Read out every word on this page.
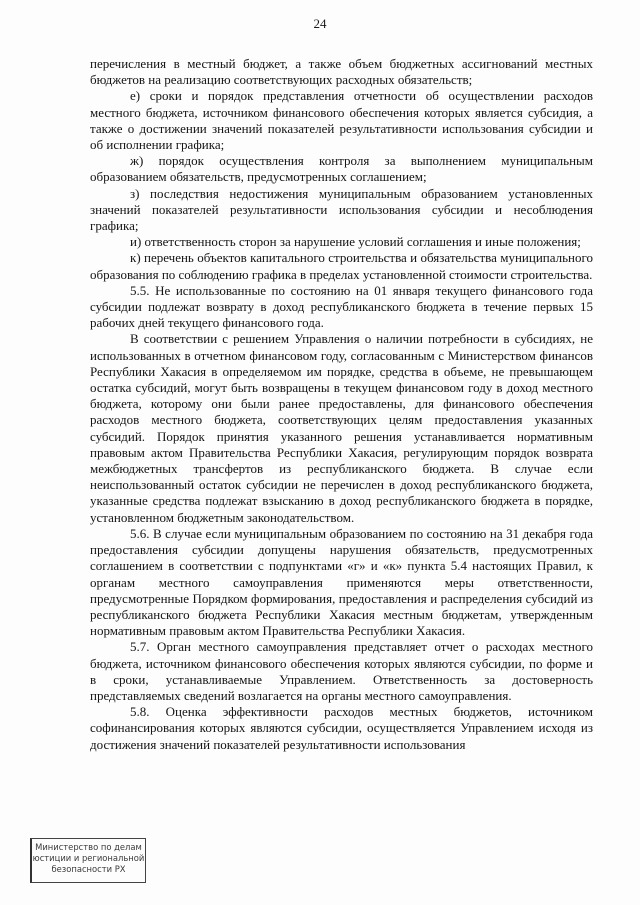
24

перечисления в местный бюджет, а также объем бюджетных ассигнований местных бюджетов на реализацию соответствующих расходных обязательств;

е) сроки и порядок представления отчетности об осуществлении расходов местного бюджета, источником финансового обеспечения которых является субсидия, а также о достижении значений показателей результативности использования субсидии и об исполнении графика;

ж) порядок осуществления контроля за выполнением муниципальным образованием обязательств, предусмотренных соглашением;

з) последствия недостижения муниципальным образованием установленных значений показателей результативности использования субсидии и несоблюдения графика;

и) ответственность сторон за нарушение условий соглашения и иные положения;

к) перечень объектов капитального строительства и обязательства муниципального образования по соблюдению графика в пределах установленной стоимости строительства.

5.5. Не использованные по состоянию на 01 января текущего финансового года субсидии подлежат возврату в доход республиканского бюджета в течение первых 15 рабочих дней текущего финансового года.

В соответствии с решением Управления о наличии потребности в субсидиях, не использованных в отчетном финансовом году, согласованным с Министерством финансов Республики Хакасия в определяемом им порядке, средства в объеме, не превышающем остатка субсидий, могут быть возвращены в текущем финансовом году в доход местного бюджета, которому они были ранее предоставлены, для финансового обеспечения расходов местного бюджета, соответствующих целям предоставления указанных субсидий. Порядок принятия указанного решения устанавливается нормативным правовым актом Правительства Республики Хакасия, регулирующим порядок возврата межбюджетных трансфертов из республиканского бюджета. В случае если неиспользованный остаток субсидии не перечислен в доход республиканского бюджета, указанные средства подлежат взысканию в доход республиканского бюджета в порядке, установленном бюджетным законодательством.

5.6. В случае если муниципальным образованием по состоянию на 31 декабря года предоставления субсидии допущены нарушения обязательств, предусмотренных соглашением в соответствии с подпунктами «г» и «к» пункта 5.4 настоящих Правил, к органам местного самоуправления применяются меры ответственности, предусмотренные Порядком формирования, предоставления и распределения субсидий из республиканского бюджета Республики Хакасия местным бюджетам, утвержденным нормативным правовым актом Правительства Республики Хакасия.

5.7. Орган местного самоуправления представляет отчет о расходах местного бюджета, источником финансового обеспечения которых являются субсидии, по форме и в сроки, устанавливаемые Управлением. Ответственность за достоверность представляемых сведений возлагается на органы местного самоуправления.

5.8. Оценка эффективности расходов местных бюджетов, источником софинансирования которых являются субсидии, осуществляется Управлением исходя из достижения значений показателей результативности использования

Министерство по делам
юстиции и региональной
безопасности РХ
